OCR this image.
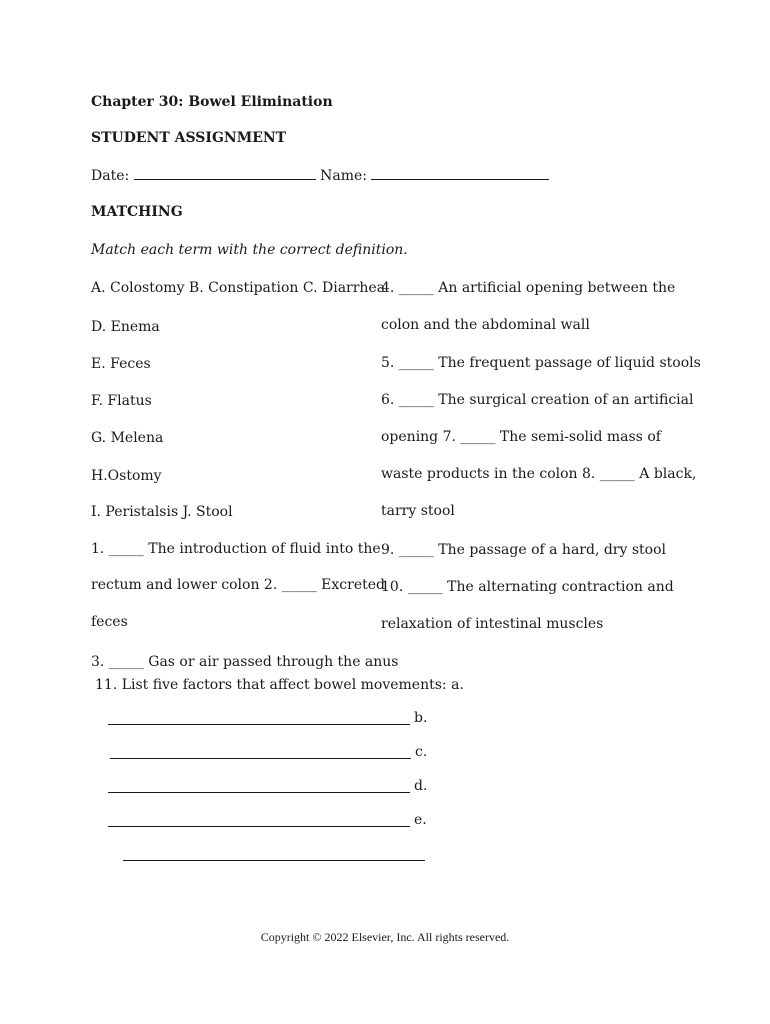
Chapter 30: Bowel Elimination
STUDENT ASSIGNMENT
Date:	Name:
MATCHING
Match each term with the correct definition.
A. Colostomy B. Constipation C. Diarrhea
D. Enema
E. Feces
F. Flatus
G. Melena
H.Ostomy
I. Peristalsis J. Stool
1. _____ The introduction of fluid into the
rectum and lower colon 2. _____ Excreted
feces
4. _____ An artificial opening between the
colon and the abdominal wall
5. _____ The frequent passage of liquid stools
6. _____ The surgical creation of an artificial
opening 7. _____ The semi-solid mass of
waste products in the colon 8. _____ A black,
tarry stool
9. _____ The passage of a hard, dry stool
10. _____ The alternating contraction and
relaxation of intestinal muscles
3. _____ Gas or air passed through the anus
11. List five factors that affect bowel movements: a.
b.
c.
d.
e.
Copyright © 2022 Elsevier, Inc. All rights reserved.
